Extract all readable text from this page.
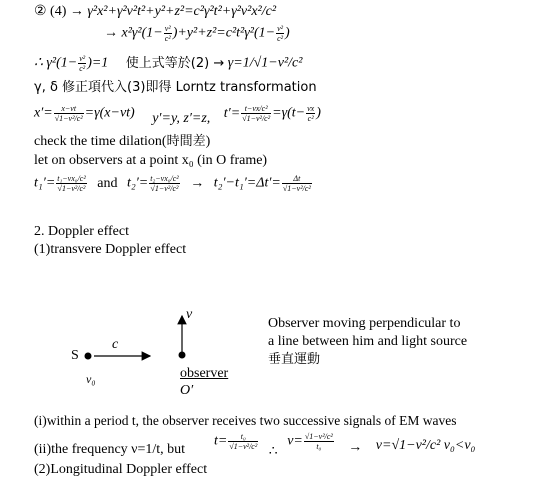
② (4) → γ²x²+γ²v²t²+y²+z²=c²γ²t²+γ²v²x²/c²
→ $x^2\gamma^2(1- \frac{\text{v²}}{\text{c²}} )+y^2+z^2=c^2t^2\gamma^2(1- \frac{\text{v²}}{\text{c²}}$ )
∴ $\gamma^2(1- \frac{\text{v²}}{\text{c²}} )=1$ 使上式等於(2) → γ=1/√1−v²/c²
γ, δ 修正項代入(3)即得 Lorntz transformation
$x'= \frac{x-vt}{\text{√1−v²/c²}} =\gamma(x-vt)$ y′=y, z′=z, $t'= \frac{\text{t−vx/c²}}{\text{√1−v²/c²}} =\gamma(t- \frac{vx}{\text{c²}}$ )
check the time dilation(時間差)
let on observers at a point x₀ (in O frame)
$t_1'= \frac{\text{t₁−vx₀/c²}}{\text{√1−v²/c²}}$ and $t_2'= \frac{\text{t₂−vx₀/c²}}{\text{√1−v²/c²}} \to t_2'-t_1'=\Delta t'= \frac{\Delta t}{\text{√1−v²/c²}}$
2. Doppler effect
(1)transvere Doppler effect
v
c
S
ν₀	observer
O′
Observer moving perpendicular to
a line between him and light source
垂直運動
(i)within a period t, the observer receives two successive signals of EM waves
(ii)the frequency ν=1/t, but
$t= \frac{\text{t₀}}{\text{√1−v²/c²}}$
∴ $\nu= \frac{\text{√1−v²/c²}}{\text{t₀}} \to \nu=√1-v^2/c^2$ ν₀<ν₀
(2)Longitudinal Doppler effect
